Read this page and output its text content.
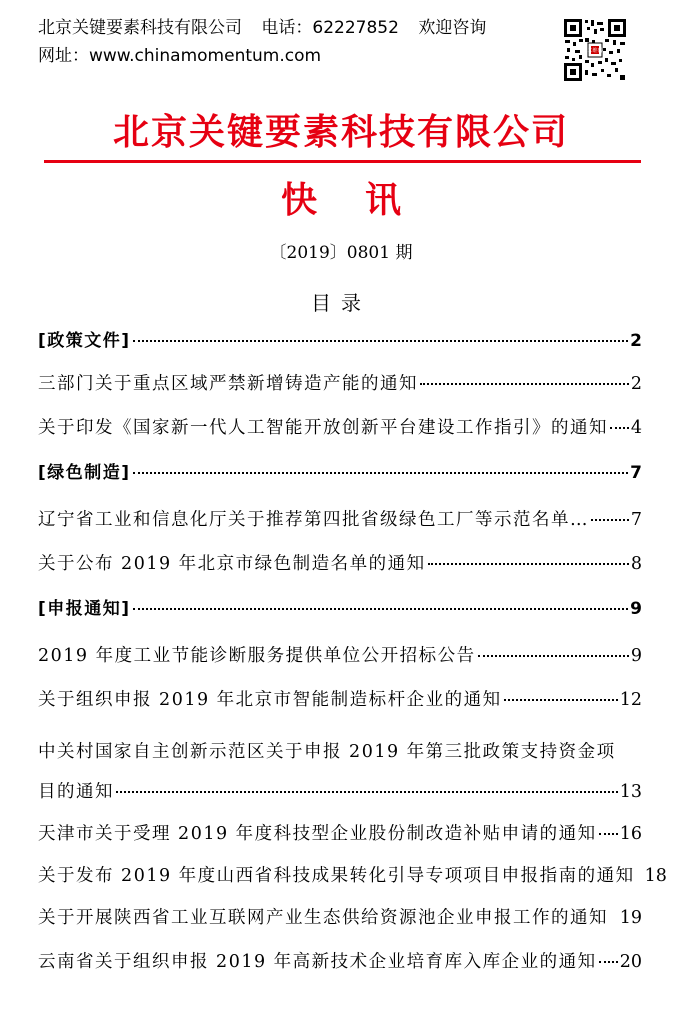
北京关键要素科技有限公司 电话：62227852 欢迎咨询
网址：www.chinamomentum.com	二维码
北京关键要素科技有限公司
快讯
〔2019〕0801 期
目录
[政策文件]	2
三部门关于重点区域严禁新增铸造产能的通知	2
关于印发《国家新一代人工智能开放创新平台建设工作指引》的通知 4
[绿色制造]	7
辽宁省工业和信息化厅关于推荐第四批省级绿色工厂等示范名单… 7
关于公布 2019 年北京市绿色制造名单的通知	8
[申报通知]	9
2019 年度工业节能诊断服务提供单位公开招标公告	9
关于组织申报 2019 年北京市智能制造标杆企业的通知	12
中关村国家自主创新示范区关于申报 2019 年第三批政策支持资金项
目的通知	13
天津市关于受理 2019 年度科技型企业股份制改造补贴申请的通知 16
关于发布 2019 年度山西省科技成果转化引导专项项目申报指南的通知 18
关于开展陕西省工业互联网产业生态供给资源池企业申报工作的通知 19
云南省关于组织申报 2019 年高新技术企业培育库入库企业的通知 20
